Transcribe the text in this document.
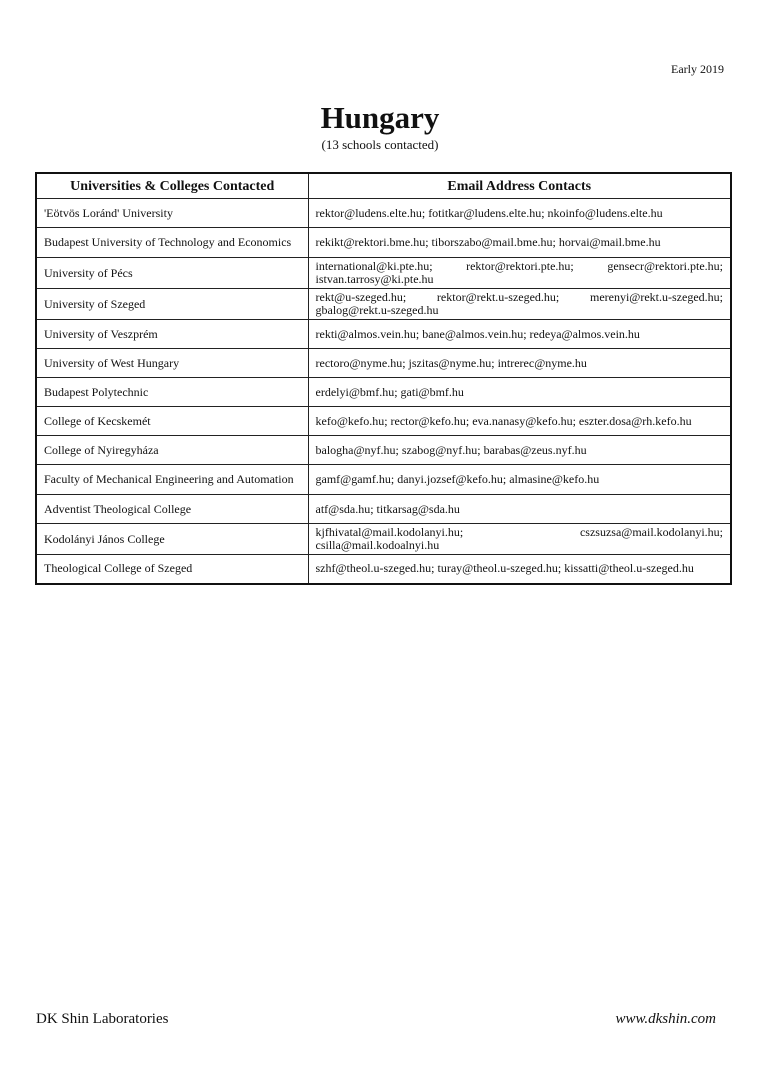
Early 2019
Hungary
(13 schools contacted)
Universities & Colleges Contacted	Email Address Contacts
'Eötvös Loránd' University	rektor@ludens.elte.hu; fotitkar@ludens.elte.hu; nkoinfo@ludens.elte.hu
Budapest University of Technology and Economics	rekikt@rektori.bme.hu; tiborszabo@mail.bme.hu; horvai@mail.bme.hu
University of Pécs	international@ki.pte.hu; rektor@rektori.pte.hu; gensecr@rektori.pte.hu; istvan.tarrosy@ki.pte.hu
University of Szeged	rekt@u-szeged.hu; rektor@rekt.u-szeged.hu; merenyi@rekt.u-szeged.hu; gbalog@rekt.u-szeged.hu
University of Veszprém	rekti@almos.vein.hu; bane@almos.vein.hu; redeya@almos.vein.hu
University of West Hungary	rectoro@nyme.hu; jszitas@nyme.hu; intrerec@nyme.hu
Budapest Polytechnic	erdelyi@bmf.hu; gati@bmf.hu
College of Kecskemét	kefo@kefo.hu; rector@kefo.hu; eva.nanasy@kefo.hu; eszter.dosa@rh.kefo.hu
College of Nyiregyháza	balogha@nyf.hu; szabog@nyf.hu; barabas@zeus.nyf.hu
Faculty of Mechanical Engineering and Automation	gamf@gamf.hu; danyi.jozsef@kefo.hu; almasine@kefo.hu
Adventist Theological College	atf@sda.hu; titkarsag@sda.hu
Kodolányi János College	kjfhivatal@mail.kodolanyi.hu; cszsuzsa@mail.kodolanyi.hu; csilla@mail.kodoalnyi.hu
Theological College of Szeged	szhf@theol.u-szeged.hu; turay@theol.u-szeged.hu; kissatti@theol.u-szeged.hu
DK Shin Laboratories	www.dkshin.com
